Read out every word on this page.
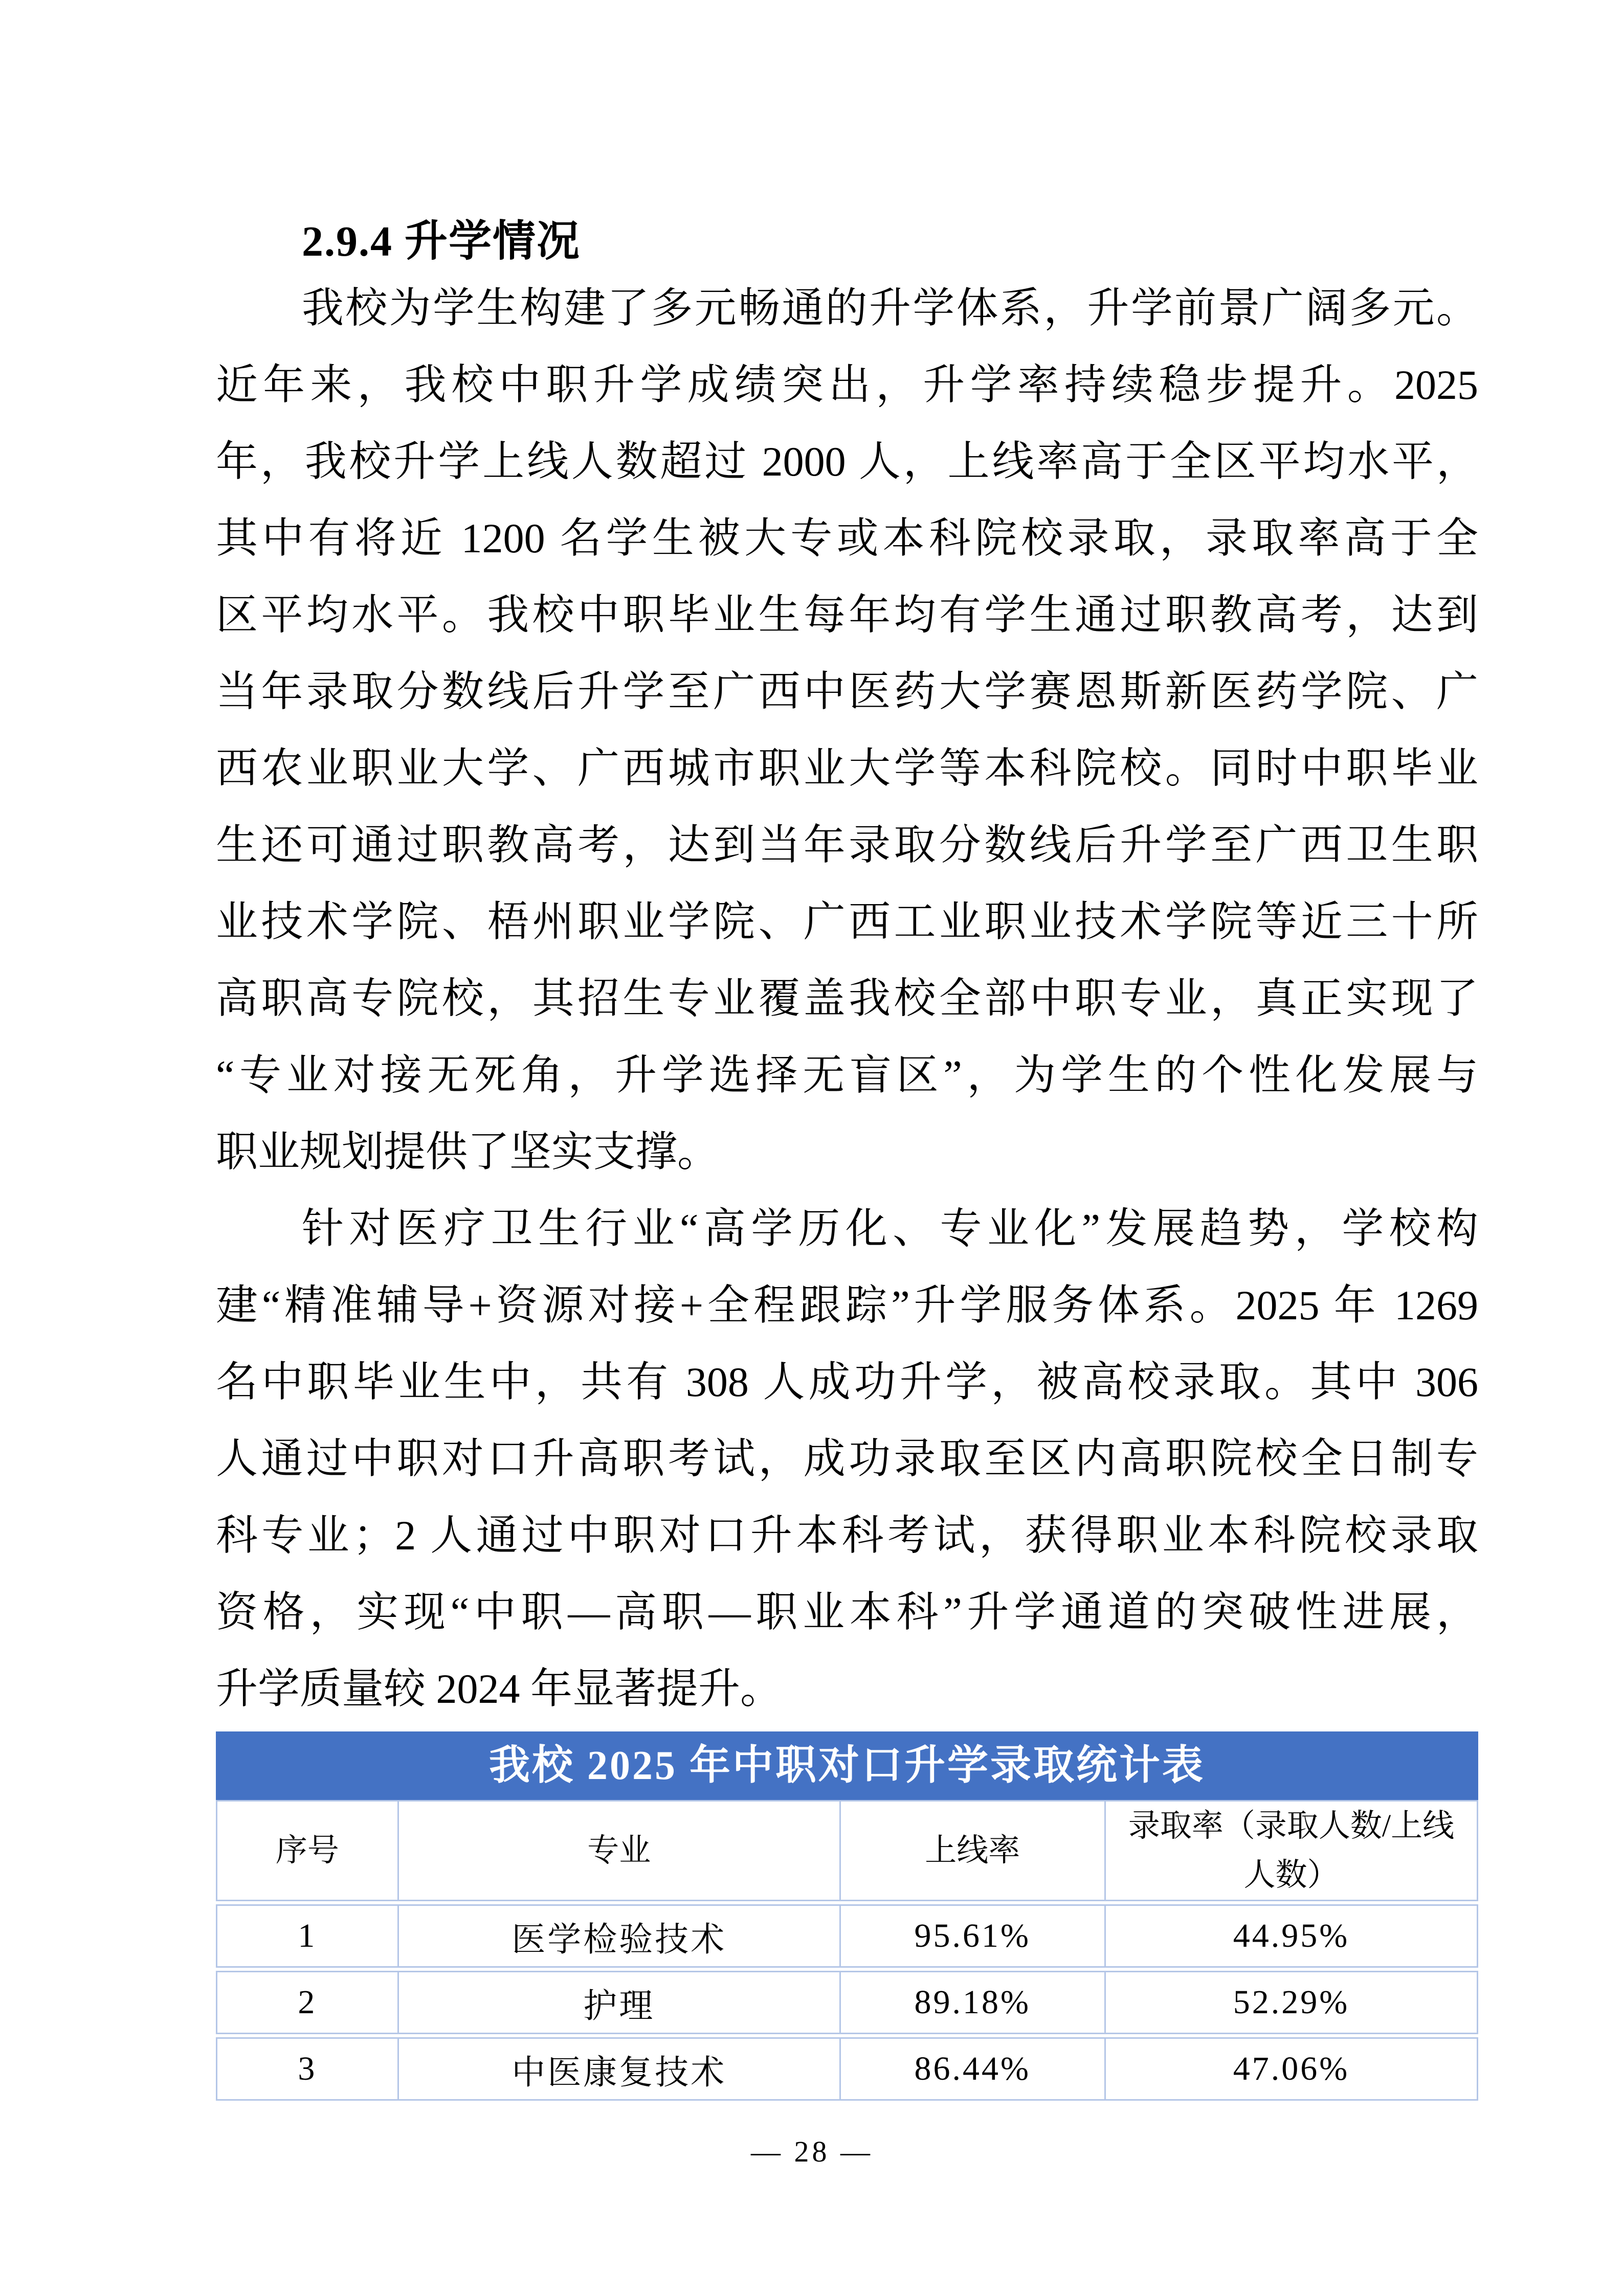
2.9.4 升学情况
我校为学生构建了多元畅通的升学体系，升学前景广阔多元。
近年来，我校中职升学成绩突出，升学率持续稳步提升。2025
年，我校升学上线人数超过 2000 人，上线率高于全区平均水平，
其中有将近 1200 名学生被大专或本科院校录取，录取率高于全
区平均水平。我校中职毕业生每年均有学生通过职教高考，达到
当年录取分数线后升学至广西中医药大学赛恩斯新医药学院、广
西农业职业大学、广西城市职业大学等本科院校。同时中职毕业
生还可通过职教高考，达到当年录取分数线后升学至广西卫生职
业技术学院、梧州职业学院、广西工业职业技术学院等近三十所
高职高专院校，其招生专业覆盖我校全部中职专业，真正实现了
“专业对接无死角，升学选择无盲区”，为学生的个性化发展与
职业规划提供了坚实支撑。
针对医疗卫生行业“高学历化、专业化”发展趋势，学校构
建“精准辅导+资源对接+全程跟踪”升学服务体系。2025 年 1269
名中职毕业生中，共有 308 人成功升学，被高校录取。其中 306
人通过中职对口升高职考试，成功录取至区内高职院校全日制专
科专业；2 人通过中职对口升本科考试，获得职业本科院校录取
资格，实现“中职—高职—职业本科”升学通道的突破性进展，
升学质量较 2024 年显著提升。
我校 2025 年中职对口升学录取统计表
序号	专业	上线率	录取率（录取人数/上线人数）
1	医学检验技术	95.61%	44.95%
2	护理	89.18%	52.29%
3	中医康复技术	86.44%	47.06%
— 28 —
